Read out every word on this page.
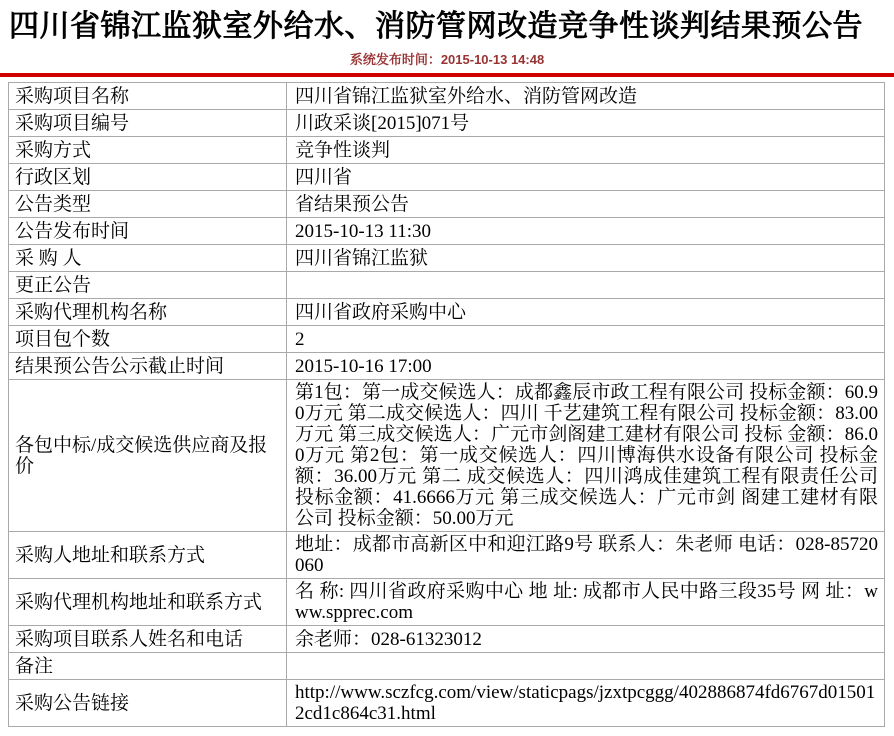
四川省锦江监狱室外给水、消防管网改造竞争性谈判结果预公告
系统发布时间：2015-10-13 14:48
采购项目名称	四川省锦江监狱室外给水、消防管网改造
采购项目编号	川政采谈[2015]071号
采购方式	竞争性谈判
行政区划	四川省
公告类型	省结果预公告
公告发布时间	2015-10-13 11:30
采 购 人	四川省锦江监狱
更正公告	
采购代理机构名称	四川省政府采购中心
项目包个数	2
结果预公告公示截止时间	2015-10-16 17:00
各包中标/成交候选供应商及报价	第1包：第一成交候选人：成都鑫辰市政工程有限公司 投标金额：60.90万元 第二成交候选人：四川 千艺建筑工程有限公司 投标金额：83.00万元 第三成交候选人：广元市剑阁建工建材有限公司 投标 金额：86.00万元 第2包：第一成交候选人：四川博海供水设备有限公司 投标金额：36.00万元 第二 成交候选人：四川鸿成佳建筑工程有限责任公司 投标金额：41.6666万元 第三成交候选人：广元市剑 阁建工建材有限公司 投标金额：50.00万元
采购人地址和联系方式	地址：成都市高新区中和迎江路9号 联系人：朱老师 电话：028-85720060
采购代理机构地址和联系方式	名 称: 四川省政府采购中心 地 址: 成都市人民中路三段35号 网 址：www.spprec.com
采购项目联系人姓名和电话	余老师：028-61323012
备注	
采购公告链接	http://www.sczfcg.com/view/staticpags/jzxtpcggg/402886874fd6767d015012cd1c864c31.html
